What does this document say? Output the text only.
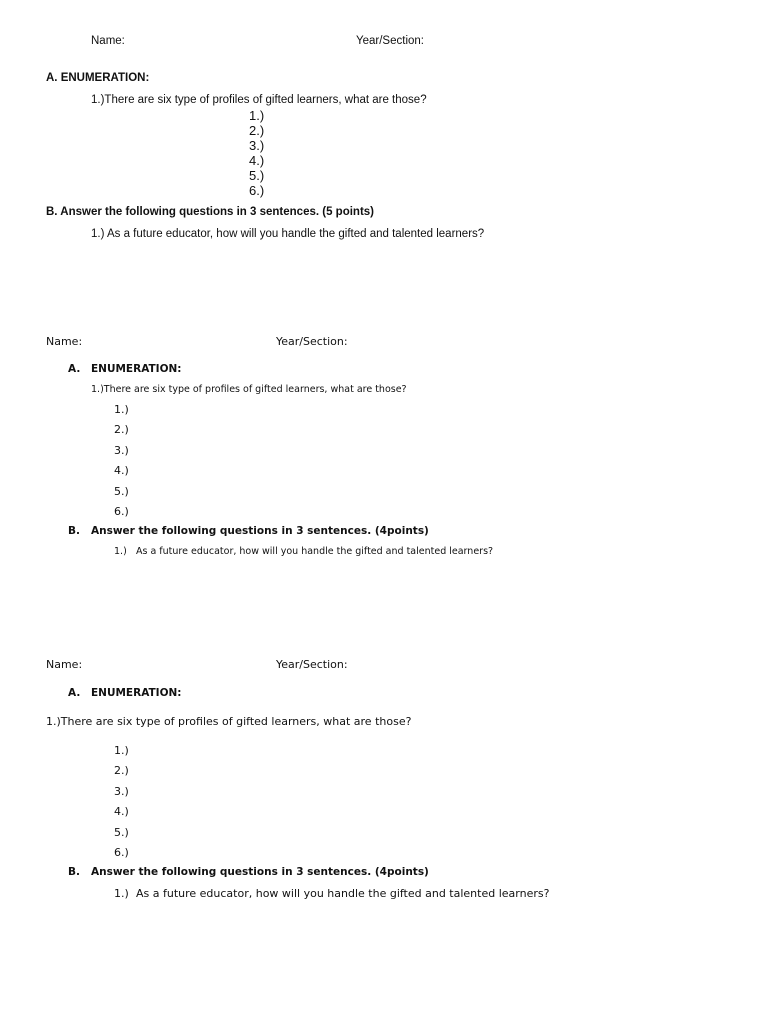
Name:	Year/Section:
A. ENUMERATION:
1.)There are six type of profiles of gifted learners, what are those?
1.)
2.)
3.)
4.)
5.)
6.)
B. Answer the following questions in 3 sentences. (5 points)
1.) As a future educator, how will you handle the gifted and talented learners?
Name:	Year/Section:
A. ENUMERATION:
1.)There are six type of profiles of gifted learners, what are those?
1.)
2.)
3.)
4.)
5.)
6.)
B. Answer the following questions in 3 sentences. (4points)
1.) As a future educator, how will you handle the gifted and talented learners?
Name:	Year/Section:
A. ENUMERATION:
1.)There are six type of profiles of gifted learners, what are those?
1.)
2.)
3.)
4.)
5.)
6.)
B. Answer the following questions in 3 sentences. (4points)
1.) As a future educator, how will you handle the gifted and talented learners?
